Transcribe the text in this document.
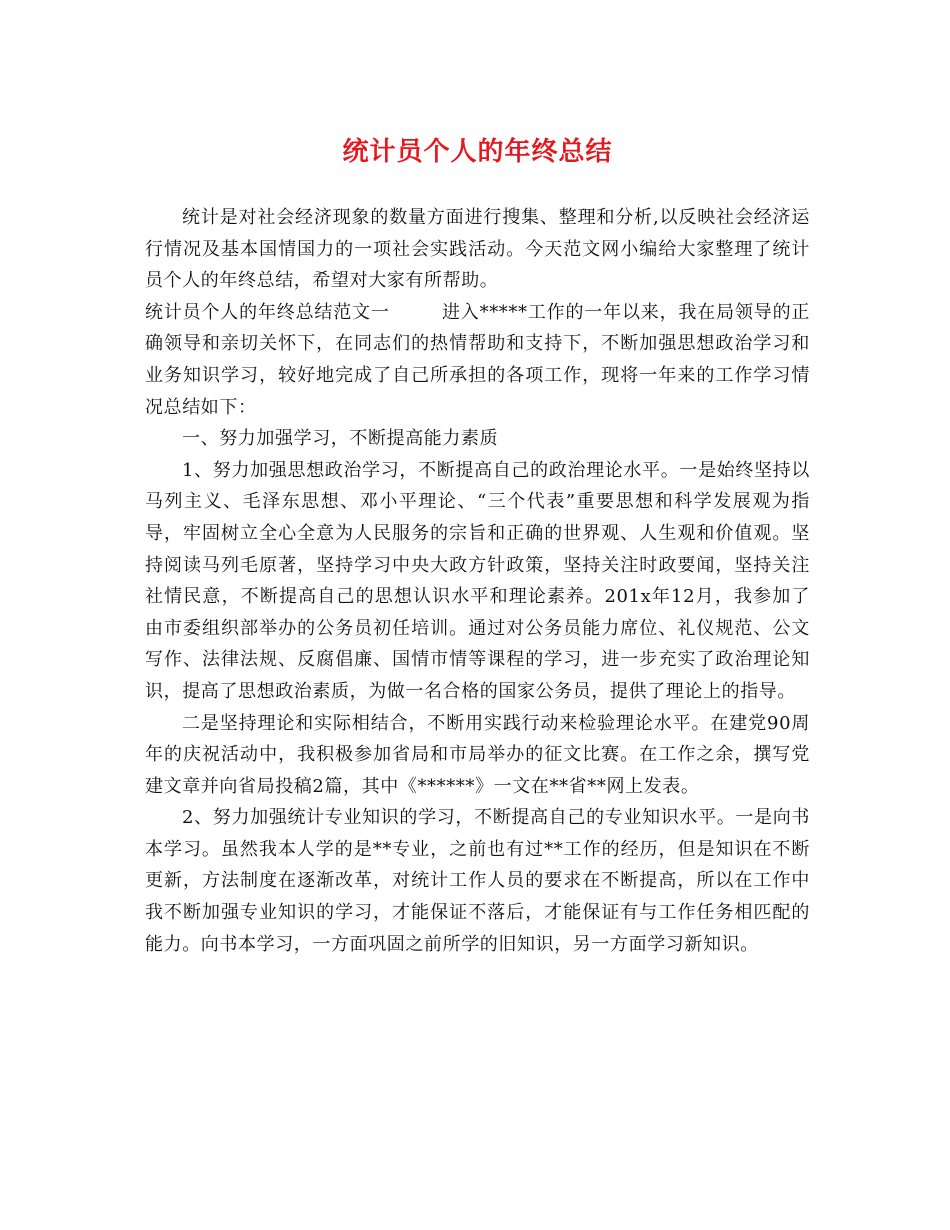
统计员个人的年终总结

统计是对社会经济现象的数量方面进行搜集、整理和分析,以反映社会经济运行情况及基本国情国力的一项社会实践活动。今天范文网小编给大家整理了统计员个人的年终总结，希望对大家有所帮助。

统计员个人的年终总结范文一	进入*****工作的一年以来，我在局领导的正确领导和亲切关怀下，在同志们的热情帮助和支持下，不断加强思想政治学习和业务知识学习，较好地完成了自己所承担的各项工作，现将一年来的工作学习情况总结如下：

一、努力加强学习，不断提高能力素质

1、努力加强思想政治学习，不断提高自己的政治理论水平。一是始终坚持以马列主义、毛泽东思想、邓小平理论、“三个代表”重要思想和科学发展观为指导，牢固树立全心全意为人民服务的宗旨和正确的世界观、人生观和价值观。坚持阅读马列毛原著，坚持学习中央大政方针政策，坚持关注时政要闻，坚持关注社情民意，不断提高自己的思想认识水平和理论素养。201x年12月，我参加了由市委组织部举办的公务员初任培训。通过对公务员能力席位、礼仪规范、公文写作、法律法规、反腐倡廉、国情市情等课程的学习，进一步充实了政治理论知识，提高了思想政治素质，为做一名合格的国家公务员，提供了理论上的指导。

二是坚持理论和实际相结合，不断用实践行动来检验理论水平。在建党90周年的庆祝活动中，我积极参加省局和市局举办的征文比赛。在工作之余，撰写党建文章并向省局投稿2篇，其中《******》一文在**省**网上发表。

2、努力加强统计专业知识的学习，不断提高自己的专业知识水平。一是向书本学习。虽然我本人学的是**专业，之前也有过**工作的经历，但是知识在不断更新，方法制度在逐渐改革，对统计工作人员的要求在不断提高，所以在工作中我不断加强专业知识的学习，才能保证不落后，才能保证有与工作任务相匹配的能力。向书本学习，一方面巩固之前所学的旧知识，另一方面学习新知识。
